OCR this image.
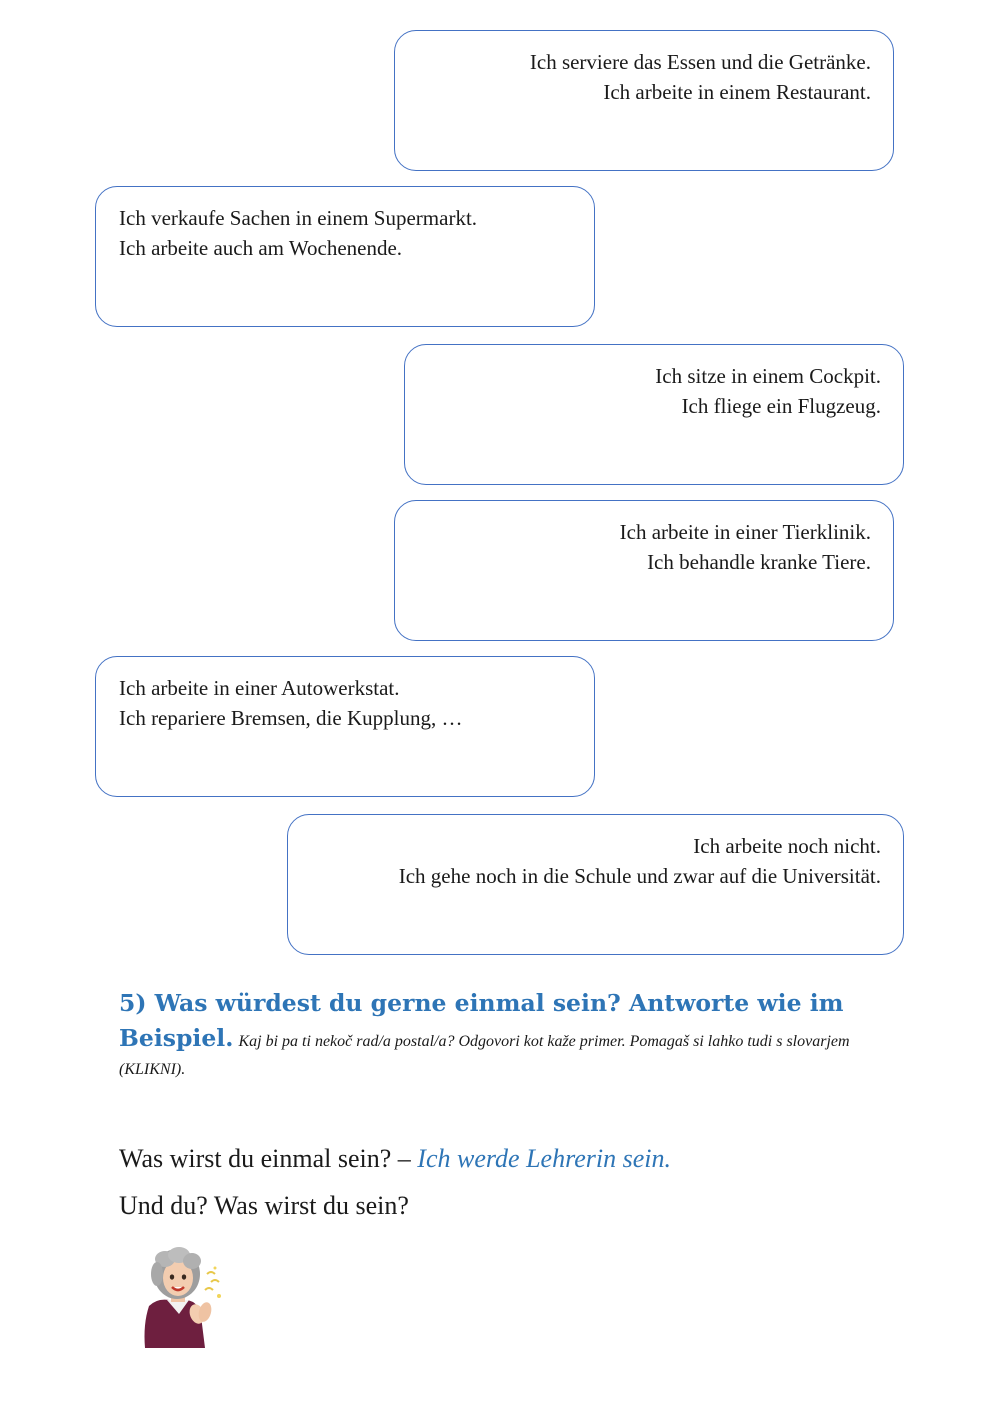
Ich serviere das Essen und die Getränke.
Ich arbeite in einem Restaurant.
Ich verkaufe Sachen in einem Supermarkt.
Ich arbeite auch am Wochenende.
Ich sitze in einem Cockpit.
Ich fliege ein Flugzeug.
Ich arbeite in einer Tierklinik.
Ich behandle kranke Tiere.
Ich arbeite in einer Autowerkstat.
Ich repariere Bremsen, die Kupplung, …
Ich arbeite noch nicht.
Ich gehe noch in die Schule und zwar auf die Universität.
5) Was würdest du gerne einmal sein? Antworte wie im Beispiel. Kaj bi pa ti nekoč rad/a postal/a? Odgovori kot kaže primer. Pomagaš si lahko tudi s slovarjem (KLIKNI).
Was wirst du einmal sein? – Ich werde Lehrerin sein.
Und du? Was wirst du sein?
